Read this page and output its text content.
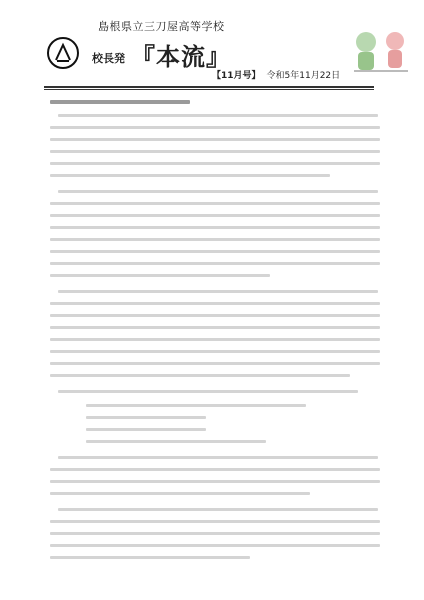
島根県立三刀屋高等学校
校長発 『本流』
【11月号】 令和5年11月22日
